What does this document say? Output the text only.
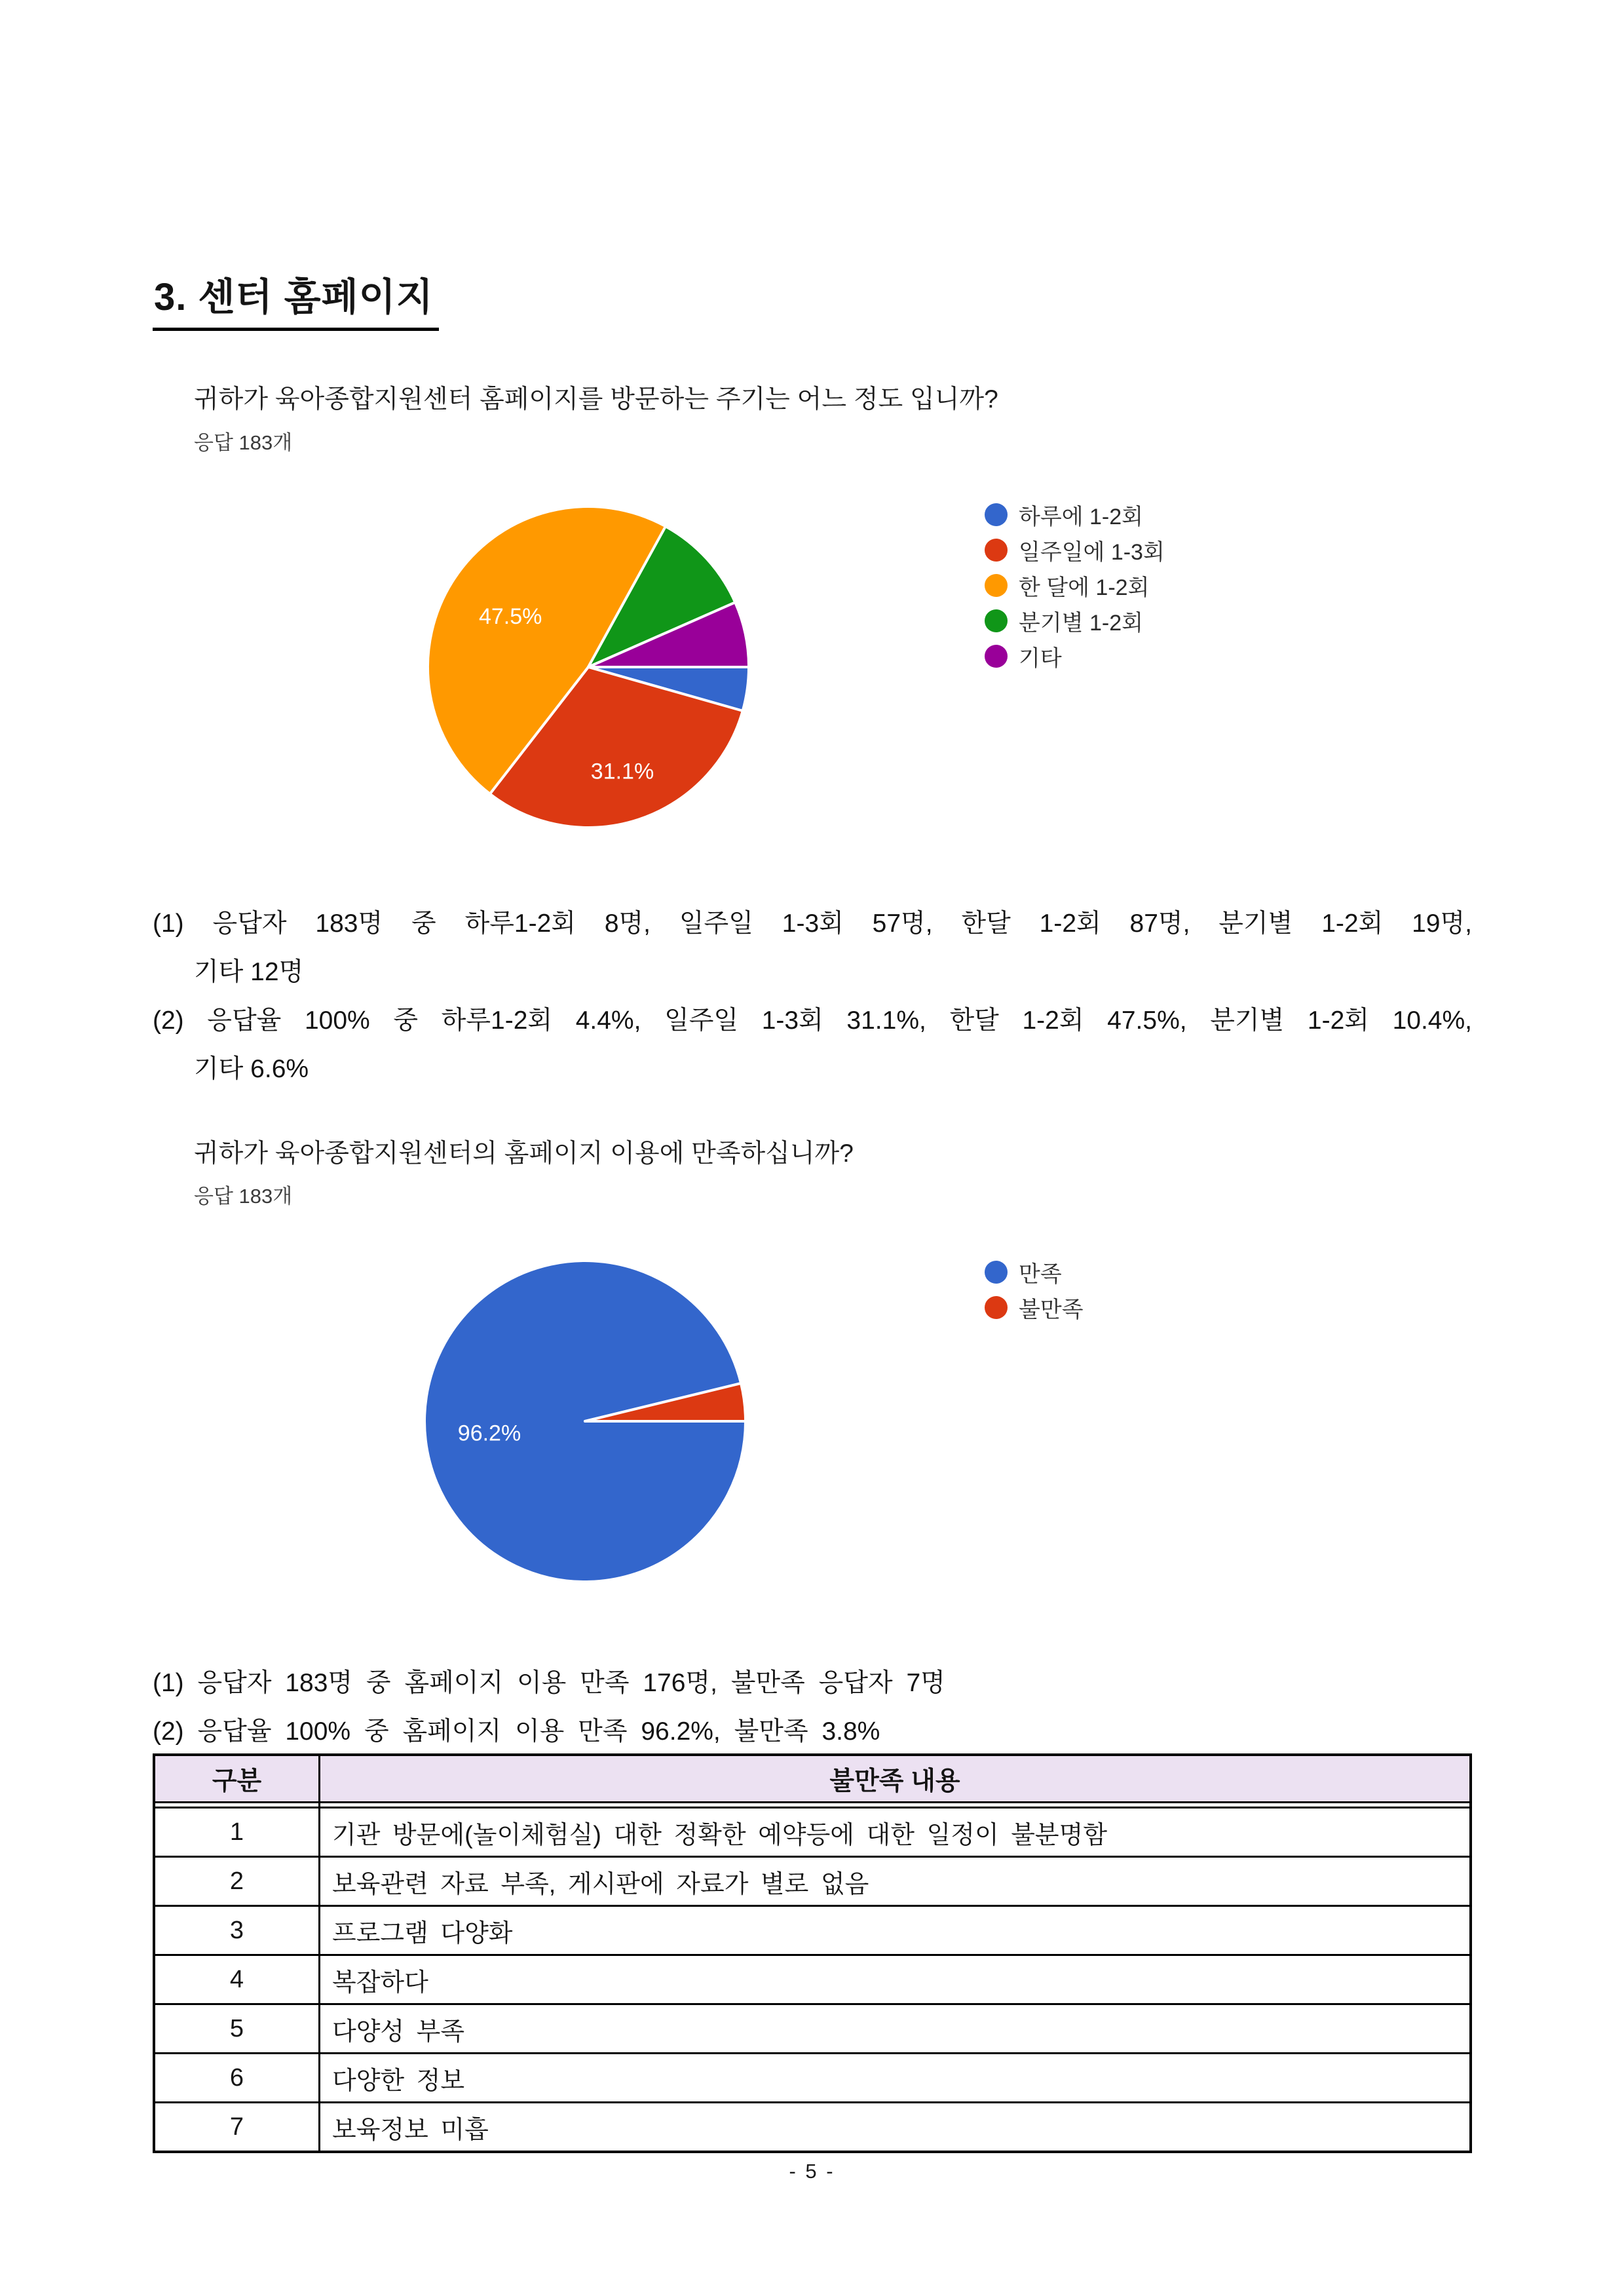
3. 센터 홈페이지
귀하가 육아종합지원센터 홈페이지를 방문하는 주기는 어느 정도 입니까?
응답 183개
31.1%
47.5%
하루에 1-2회
일주일에 1-3회
한 달에 1-2회
분기별 1-2회
기타
(1) 응답자 183명 중 하루1-2회 8명, 일주일 1-3회 57명, 한달 1-2회 87명, 분기별 1-2회 19명,
기타 12명
(2) 응답율 100% 중 하루1-2회 4.4%, 일주일 1-3회 31.1%, 한달 1-2회 47.5%, 분기별 1-2회 10.4%,
기타 6.6%
귀하가 육아종합지원센터의 홈페이지 이용에 만족하십니까?
응답 183개
96.2%
만족
불만족
(1) 응답자 183명 중 홈페이지 이용 만족 176명, 불만족 응답자 7명
(2) 응답율 100% 중 홈페이지 이용 만족 96.2%, 불만족 3.8%
구분	불만족 내용

1	기관 방문에(놀이체험실) 대한 정확한 예약등에 대한 일정이 불분명함
2	보육관련 자료 부족, 게시판에 자료가 별로 없음
3	프로그램 다양화
4	복잡하다
5	다양성 부족
6	다양한 정보
7	보육정보 미흡
- 5 -
